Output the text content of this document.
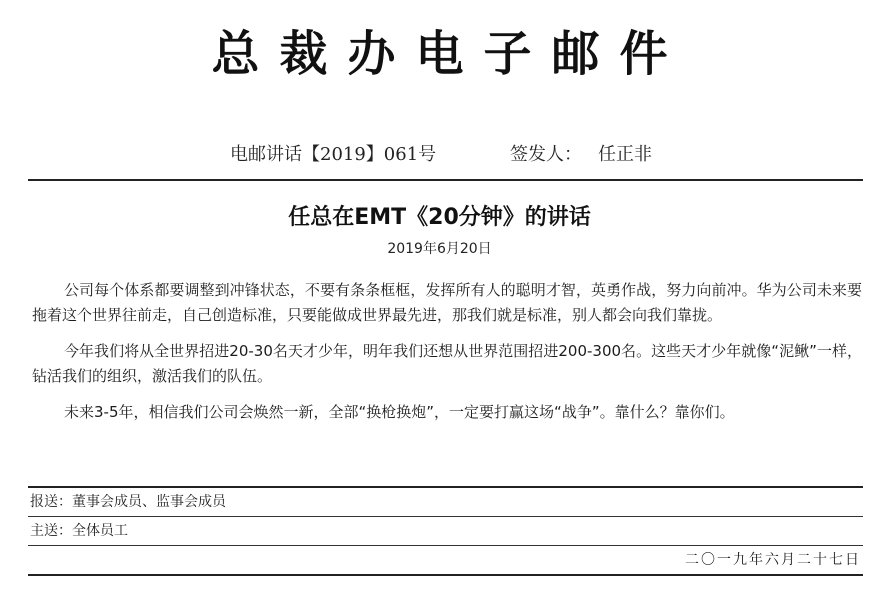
总裁办电子邮件
电邮讲话【2019】061号	签发人： 任正非
任总在EMT《20分钟》的讲话
2019年6月20日

公司每个体系都要调整到冲锋状态，不要有条条框框，发挥所有人的聪明才智，英勇作战，努力向前冲。华为公司未来要拖着这个世界往前走，自己创造标准，只要能做成世界最先进，那我们就是标准，别人都会向我们靠拢。

今年我们将从全世界招进20-30名天才少年，明年我们还想从世界范围招进200-300名。这些天才少年就像“泥鳅”一样，钻活我们的组织，激活我们的队伍。

未来3-5年，相信我们公司会焕然一新，全部“换枪换炮”，一定要打赢这场“战争”。靠什么？靠你们。

报送：董事会成员、监事会成员
主送：全体员工
二〇一九年六月二十七日
